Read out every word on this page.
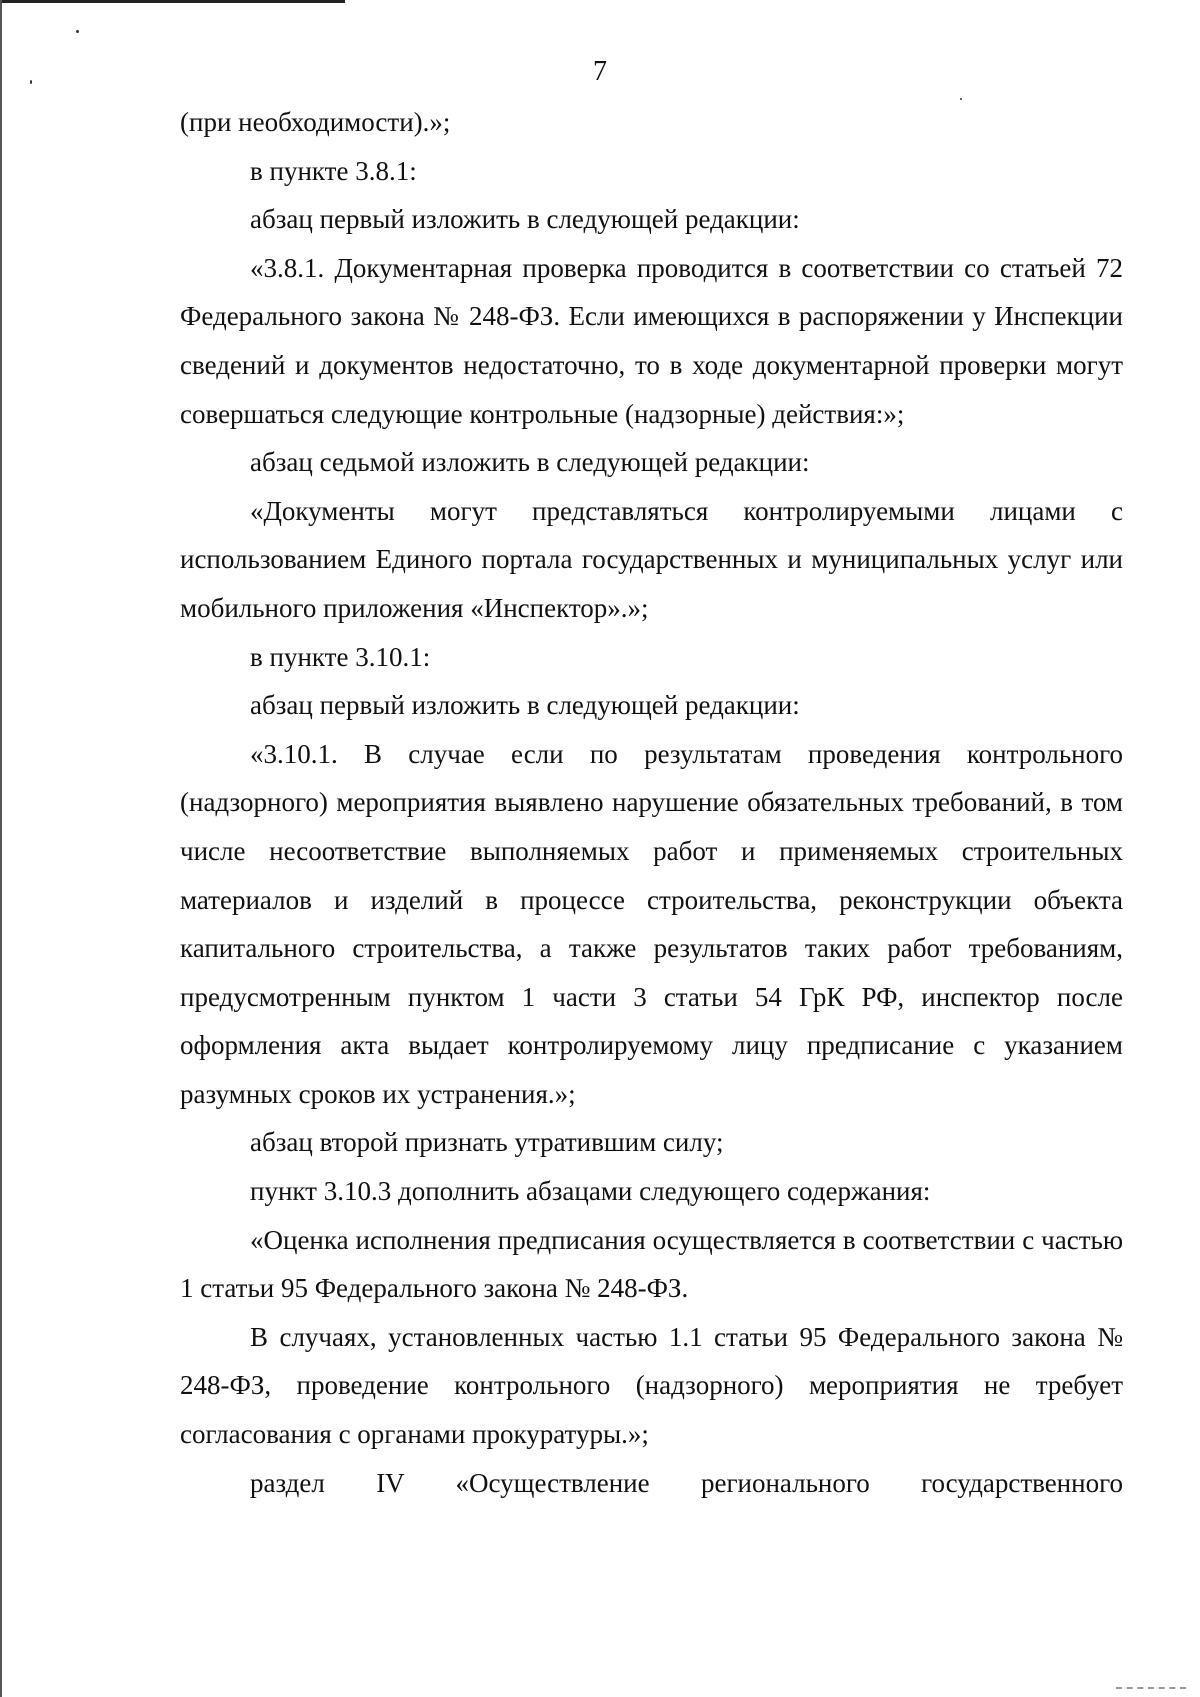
7

(при необходимости).»;

в пункте 3.8.1:

абзац первый изложить в следующей редакции:

«3.8.1. Документарная проверка проводится в соответствии со статьей 72 Федерального закона № 248-ФЗ. Если имеющихся в распоряжении у Инспекции сведений и документов недостаточно, то в ходе документарной проверки могут совершаться следующие контрольные (надзорные) действия:»;

абзац седьмой изложить в следующей редакции:

«Документы могут представляться контролируемыми лицами с использованием Единого портала государственных и муниципальных услуг или мобильного приложения «Инспектор».»;

в пункте 3.10.1:

абзац первый изложить в следующей редакции:

«3.10.1. В случае если по результатам проведения контрольного (надзорного) мероприятия выявлено нарушение обязательных требований, в том числе несоответствие выполняемых работ и применяемых строительных материалов и изделий в процессе строительства, реконструкции объекта капитального строительства, а также результатов таких работ требованиям, предусмотренным пунктом 1 части 3 статьи 54 ГрК РФ, инспектор после оформления акта выдает контролируемому лицу предписание с указанием разумных сроков их устранения.»;

абзац второй признать утратившим силу;

пункт 3.10.3 дополнить абзацами следующего содержания:

«Оценка исполнения предписания осуществляется в соответствии с частью 1 статьи 95 Федерального закона № 248-ФЗ.

В случаях, установленных частью 1.1 статьи 95 Федерального закона № 248-ФЗ, проведение контрольного (надзорного) мероприятия не требует согласования с органами прокуратуры.»;

раздел IV «Осуществление регионального государственного
